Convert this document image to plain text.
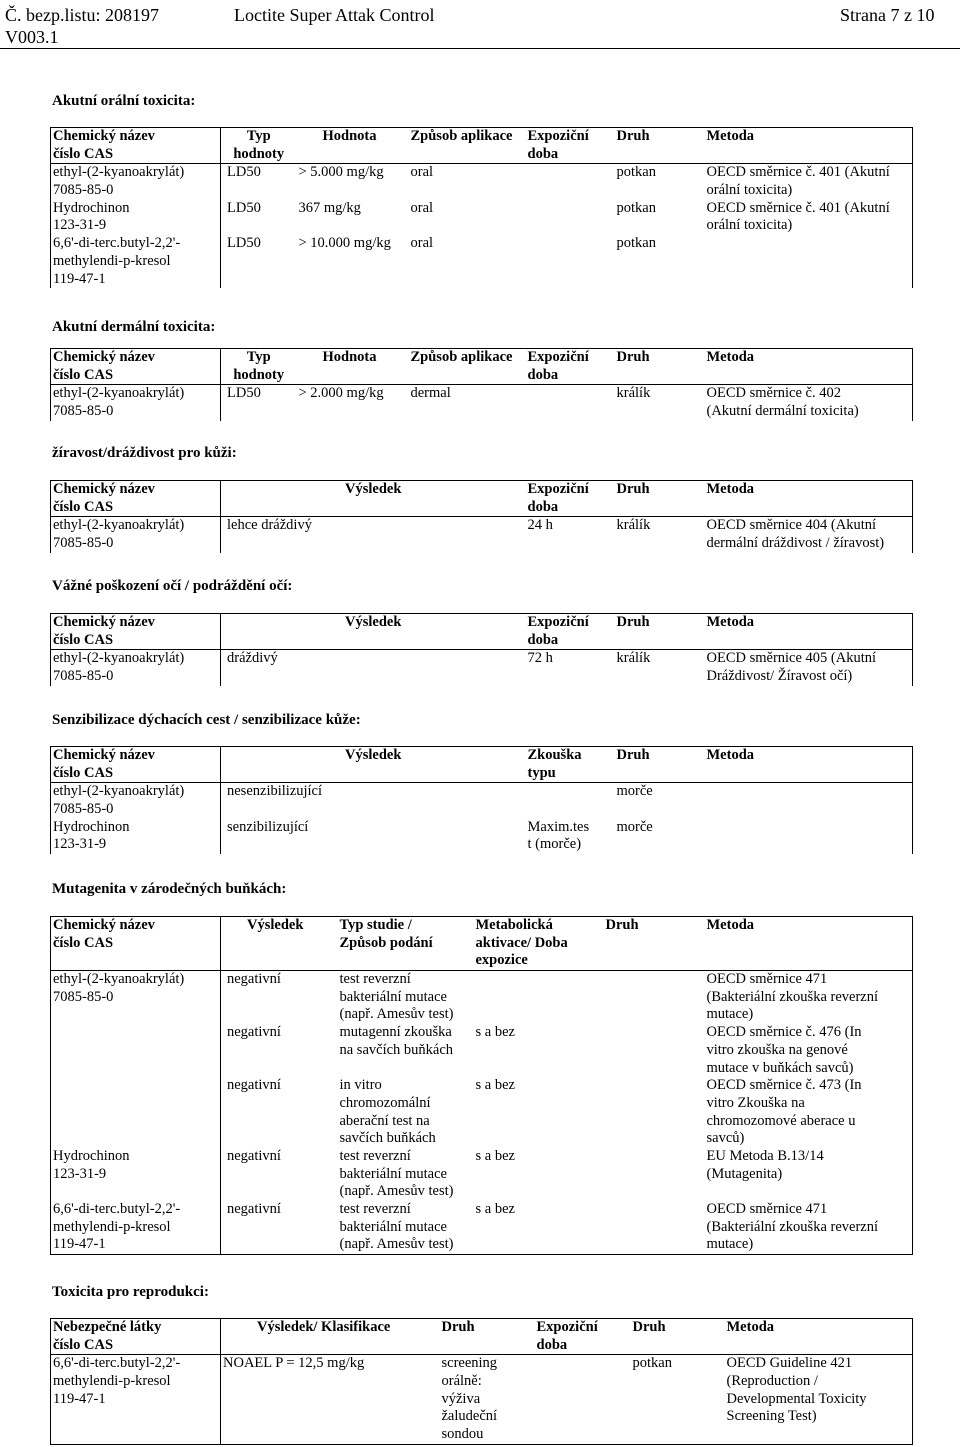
Č. bezp.listu: 208197
V003.1
Loctite Super Attak Control	Strana 7 z 10
Akutní orální toxicita:
Chemický název
číslo CAS	Typ
hodnoty	Hodnota	Způsob aplikace	Expoziční
doba	Druh	Metoda
ethyl-(2-kyanoakrylát)
7085-85-0	LD50	> 5.000 mg/kg	oral		potkan	OECD směrnice č. 401 (Akutní
orální toxicita)
Hydrochinon
123-31-9	LD50	367 mg/kg	oral		potkan	OECD směrnice č. 401 (Akutní
orální toxicita)
6,6'-di-terc.butyl-2,2'-
methylendi-p-kresol
119-47-1	LD50	> 10.000 mg/kg	oral		potkan	
Akutní dermální toxicita:
Chemický název
číslo CAS	Typ
hodnoty	Hodnota	Způsob aplikace	Expoziční
doba	Druh	Metoda
ethyl-(2-kyanoakrylát)
7085-85-0	LD50	> 2.000 mg/kg	dermal		králík	OECD směrnice č. 402
(Akutní dermální toxicita)
žíravost/dráždivost pro kůži:
Chemický název
číslo CAS	Výsledek	Expoziční
doba	Druh	Metoda
ethyl-(2-kyanoakrylát)
7085-85-0	lehce dráždivý	24 h	králík	OECD směrnice 404 (Akutní
dermální dráždivost / žíravost)
Vážné poškození očí / podráždění očí:
Chemický název
číslo CAS	Výsledek	Expoziční
doba	Druh	Metoda
ethyl-(2-kyanoakrylát)
7085-85-0	dráždivý	72 h	králík	OECD směrnice 405 (Akutní
Dráždivost/ Žíravost očí)
Senzibilizace dýchacích cest / senzibilizace kůže:
Chemický název
číslo CAS	Výsledek	Zkouška
typu	Druh	Metoda
ethyl-(2-kyanoakrylát)
7085-85-0	nesenzibilizující		morče	
Hydrochinon
123-31-9	senzibilizující	Maxim.tes
t (morče)	morče	
Mutagenita v zárodečných buňkách:
Chemický název
číslo CAS	Výsledek	Typ studie /
Způsob podání	Metabolická
aktivace/ Doba
expozice	Druh	Metoda
ethyl-(2-kyanoakrylát)
7085-85-0	negativní	test reverzní
bakteriální mutace
(např. Amesův test)			OECD směrnice 471
(Bakteriální zkouška reverzní
mutace)
	negativní	mutagenní zkouška
na savčích buňkách	s a bez		OECD směrnice č. 476 (In
vitro zkouška na genové
mutace v buňkách savců)
	negativní	in vitro
chromozomální
aberační test na
savčích buňkách	s a bez		OECD směrnice č. 473 (In
vitro Zkouška na
chromozomové aberace u
savců)
Hydrochinon
123-31-9	negativní	test reverzní
bakteriální mutace
(např. Amesův test)	s a bez		EU Metoda B.13/14
(Mutagenita)
6,6'-di-terc.butyl-2,2'-
methylendi-p-kresol
119-47-1	negativní	test reverzní
bakteriální mutace
(např. Amesův test)	s a bez		OECD směrnice 471
(Bakteriální zkouška reverzní
mutace)
Toxicita pro reprodukci:
Nebezpečné látky
číslo CAS	Výsledek/ Klasifikace	Druh	Expoziční
doba	Druh	Metoda
6,6'-di-terc.butyl-2,2'-
methylendi-p-kresol
119-47-1	NOAEL P = 12,5 mg/kg	screening
orálně:
výživa
žaludeční
sondou		potkan	OECD Guideline 421
(Reproduction /
Developmental Toxicity
Screening Test)
